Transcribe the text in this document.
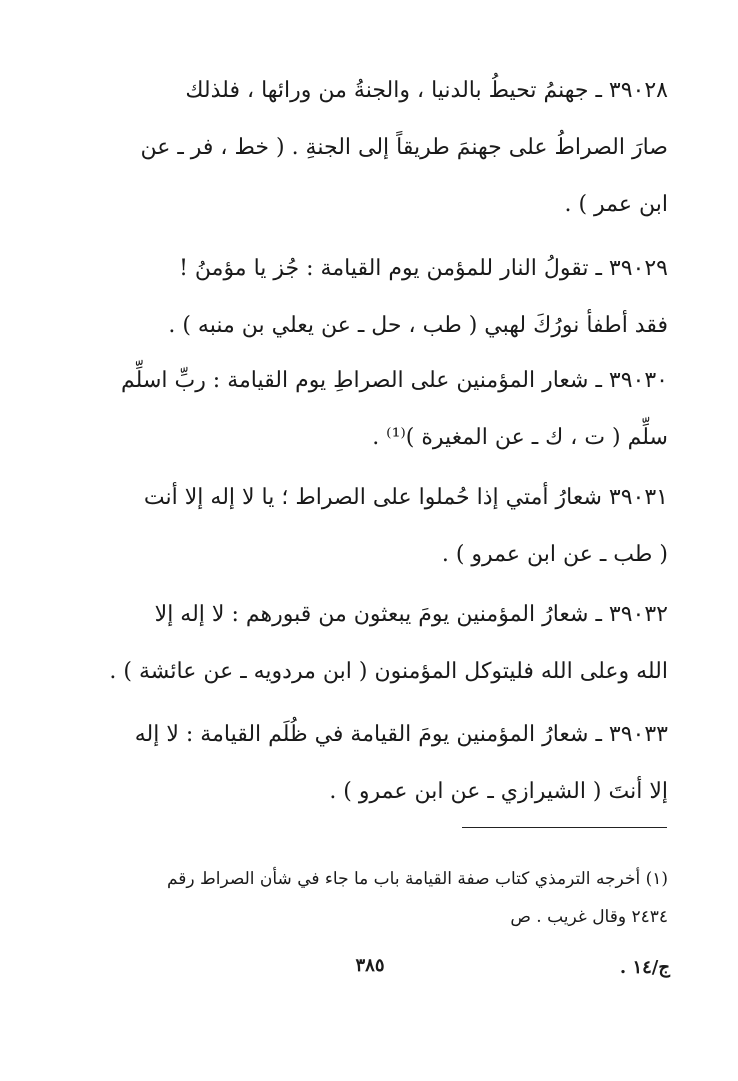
٣٩٠٢٨ ـ جهنمُ تحيطُ بالدنيا ، والجنةُ من ورائها ، فلذلك

صارَ الصراطُ على جهنمَ طريقاً إلى الجنةِ . ( خط ، فر ـ عن

ابن عمر ) .

٣٩٠٢٩ ـ تقولُ النار للمؤمن يوم القيامة : جُز يا مؤمنُ !

فقد أطفأ نورُكَ لهبي ( طب ، حل ـ عن يعلي بن منبه ) .

٣٩٠٣٠ ـ شعار المؤمنين على الصراطِ يوم القيامة : ربِّ اسلِّم

سلِّم ( ت ، ك ـ عن المغيرة )⁽¹⁾ .

٣٩٠٣١ شعارُ أمتي إذا حُملوا على الصراط ؛ يا لا إله إلا أنت

( طب ـ عن ابن عمرو ) .

٣٩٠٣٢ ـ شعارُ المؤمنين يومَ يبعثون من قبورهم : لا إله إلا

الله وعلى الله فليتوكل المؤمنون ( ابن مردويه ـ عن عائشة ) .

٣٩٠٣٣ ـ شعارُ المؤمنين يومَ القيامة في ظُلَم القيامة : لا إله

إلا أنتَ ( الشيرازي ـ عن ابن عمرو ) .

(١) أخرجه الترمذي كتاب صفة القيامة باب ما جاء في شأن الصراط رقم

٢٤٣٤ وقال غريب . ص

٣٨٥	ج/١٤ .
